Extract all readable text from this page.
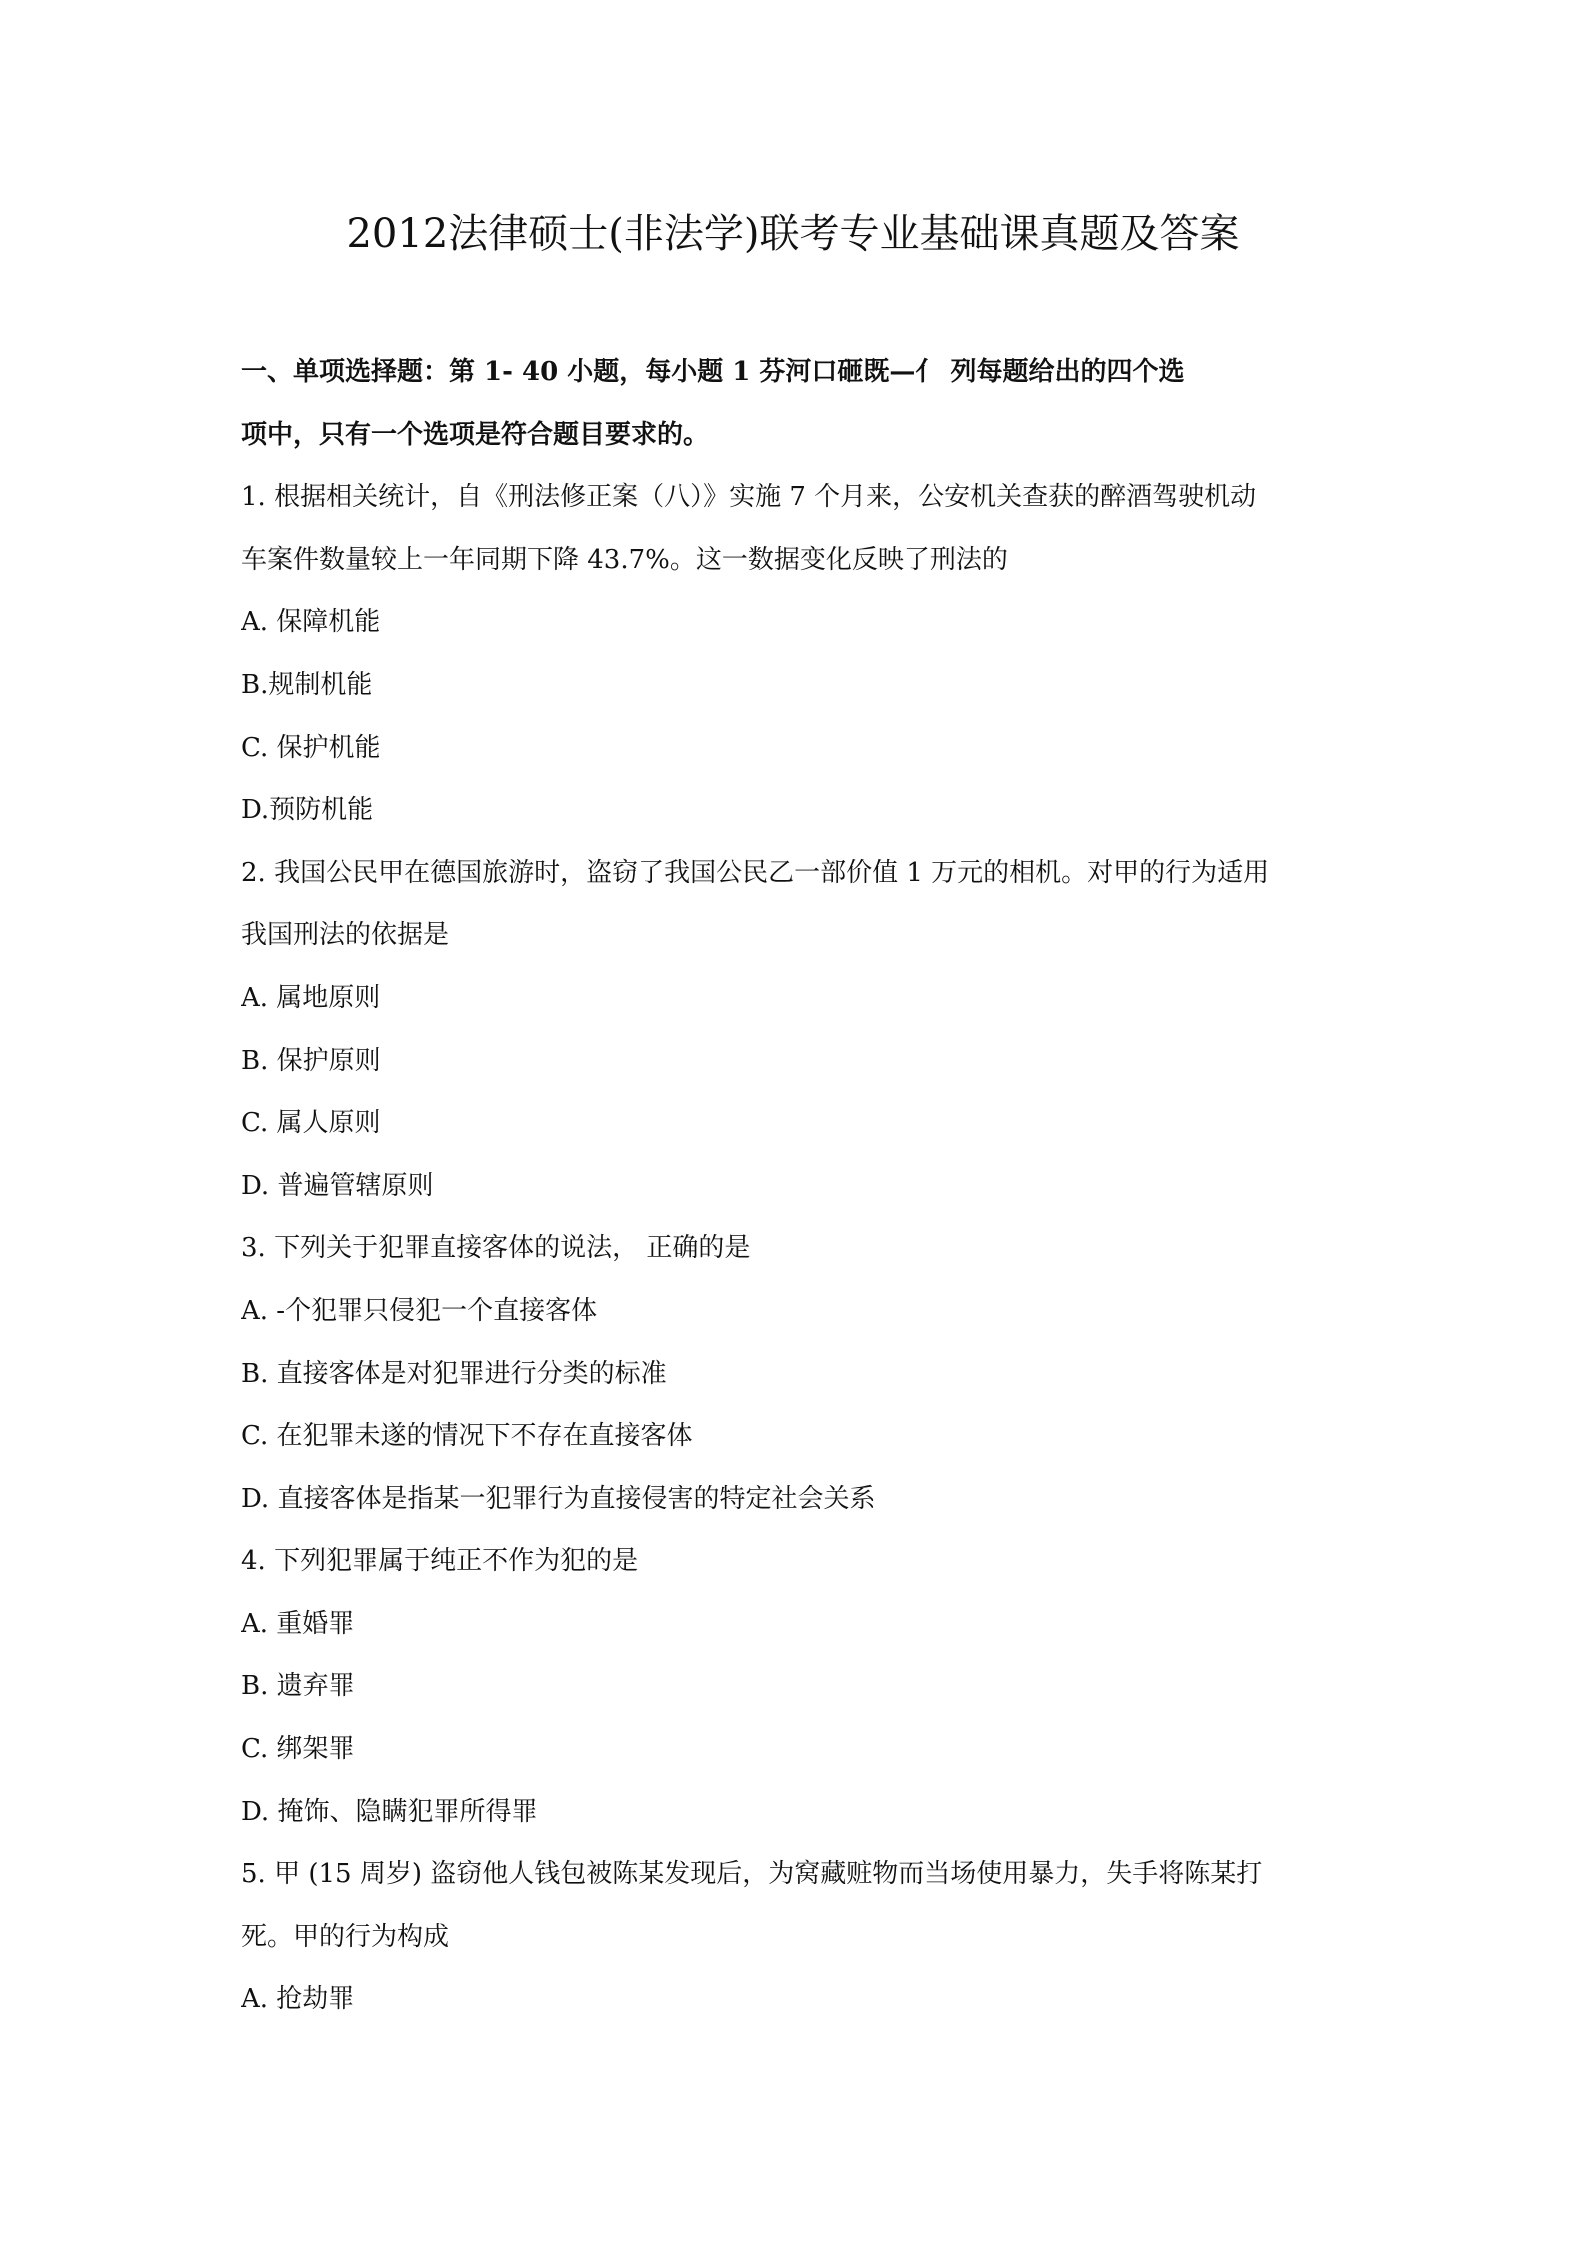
2012法律硕士(非法学)联考专业基础课真题及答案
一、单项选择题：第 1- 40 小题，每小题 1 芬河口砸既—亻 列每题给出的四个选
项中，只有一个选项是符合题目要求的。
1. 根据相关统计，自《刑法修正案（八）》实施 7 个月来，公安机关查获的醉酒驾驶机动
车案件数量较上一年同期下降 43.7%。这一数据变化反映了刑法的
A. 保障机能
B.规制机能
C. 保护机能
D.预防机能
2. 我国公民甲在德国旅游时，盗窃了我国公民乙一部价值 1 万元的相机。对甲的行为适用
我国刑法的依据是
A. 属地原则
B. 保护原则
C. 属人原则
D. 普遍管辖原则
3. 下列关于犯罪直接客体的说法， 正确的是
A. -个犯罪只侵犯一个直接客体
B. 直接客体是对犯罪进行分类的标准
C. 在犯罪未遂的情况下不存在直接客体
D. 直接客体是指某一犯罪行为直接侵害的特定社会关系
4. 下列犯罪属于纯正不作为犯的是
A. 重婚罪
B. 遗弃罪
C. 绑架罪
D. 掩饰、隐瞒犯罪所得罪
5. 甲 (15 周岁) 盗窃他人钱包被陈某发现后，为窝藏赃物而当场使用暴力，失手将陈某打
死。甲的行为构成
A. 抢劫罪
